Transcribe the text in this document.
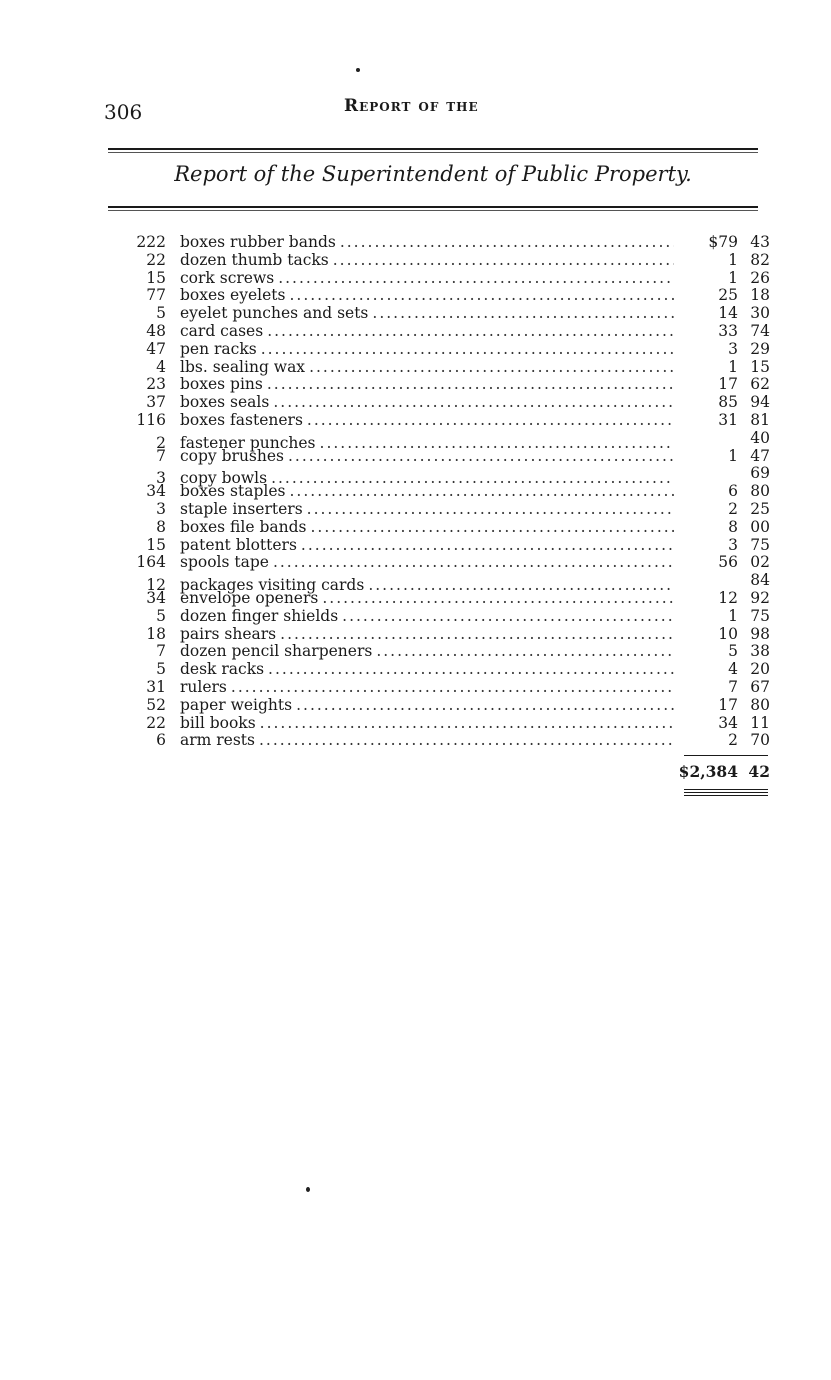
306	Report of the
Report of the Superintendent of Public Property.
222 boxes rubber bands .....	$79 43
22 dozen thumb tacks .....	1 82
15 cork screws .....	1 26
77 boxes eyelets .....	25 18
5 eyelet punches and sets .....	14 30
48 card cases .....	33 74
47 pen racks .....	3 29
4 lbs. sealing wax .....	1 15
23 boxes pins .....	17 62
37 boxes seals .....	85 94
116 boxes fasteners .....	31 81
2 fastener punches .....	40
7 copy brushes .....	1 47
3 copy bowls .....	69
34 boxes staples .....	6 80
3 staple inserters .....	2 25
8 boxes file bands .....	8 00
15 patent blotters .....	3 75
164 spools tape .....	56 02
12 packages visiting cards .....	84
34 envelope openers .....	12 92
5 dozen finger shields .....	1 75
18 pairs shears .....	10 98
7 dozen pencil sharpeners .....	5 38
5 desk racks .....	4 20
31 rulers .....	7 67
52 paper weights .....	17 80
22 bill books .....	34 11
6 arm rests .....	2 70
$2,384 42
